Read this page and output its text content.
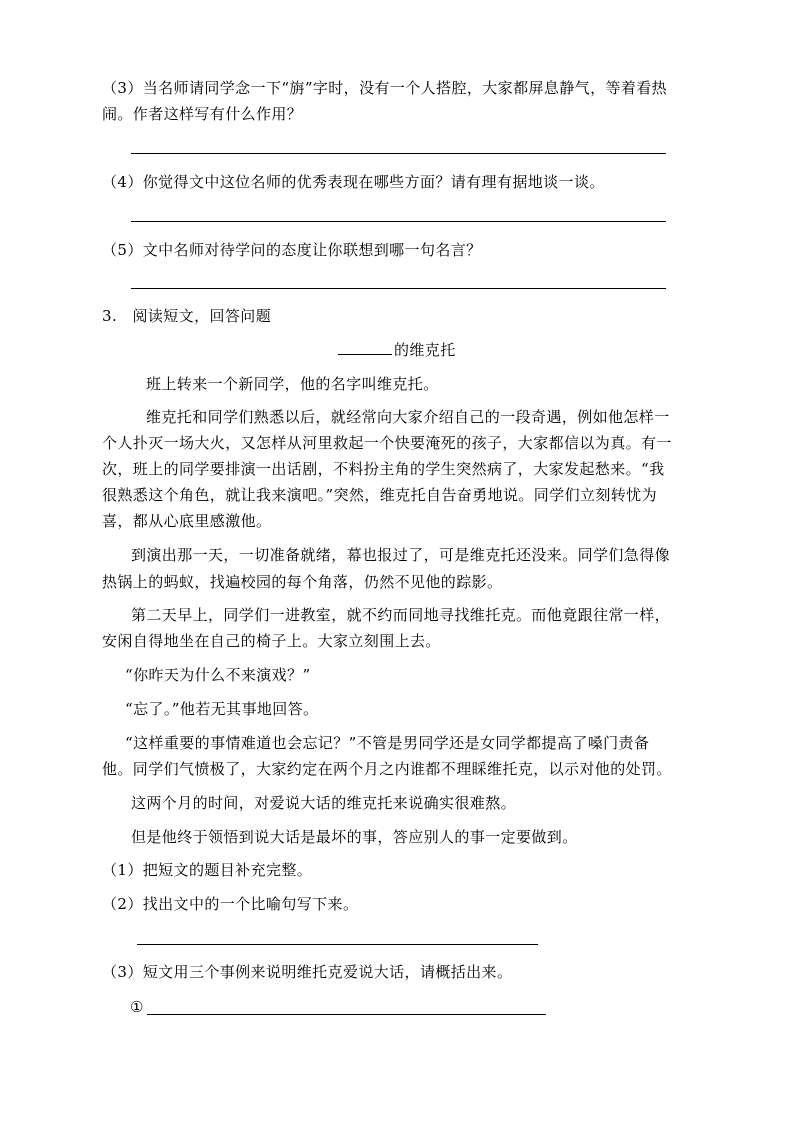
（3）当名师请同学念一下“旃”字时，没有一个人搭腔，大家都屏息静气，等着看热
闹。作者这样写有什么作用？
（4）你觉得文中这位名师的优秀表现在哪些方面？请有理有据地谈一谈。
（5）文中名师对待学问的态度让你联想到哪一句名言？
3.　阅读短文，回答问题
的维克托
班上转来一个新同学，他的名字叫维克托。
维克托和同学们熟悉以后，就经常向大家介绍自己的一段奇遇，例如他怎样一
个人扑灭一场大火，又怎样从河里救起一个快要淹死的孩子，大家都信以为真。有一
次，班上的同学要排演一出话剧，不料扮主角的学生突然病了，大家发起愁来。“我
很熟悉这个角色，就让我来演吧。”突然，维克托自告奋勇地说。同学们立刻转忧为
喜，都从心底里感激他。
到演出那一天，一切准备就绪，幕也报过了，可是维克托还没来。同学们急得像
热锅上的蚂蚁，找遍校园的每个角落，仍然不见他的踪影。
第二天早上，同学们一进教室，就不约而同地寻找维托克。而他竟跟往常一样，
安闲自得地坐在自己的椅子上。大家立刻围上去。
“你昨天为什么不来演戏？”
“忘了。”他若无其事地回答。
“这样重要的事情难道也会忘记？”不管是男同学还是女同学都提高了嗓门责备
他。同学们气愤极了，大家约定在两个月之内谁都不理睬维托克，以示对他的处罚。
这两个月的时间，对爱说大话的维克托来说确实很难熬。
但是他终于领悟到说大话是最坏的事，答应别人的事一定要做到。
（1）把短文的题目补充完整。
（2）找出文中的一个比喻句写下来。
（3）短文用三个事例来说明维托克爱说大话，请概括出来。
①
